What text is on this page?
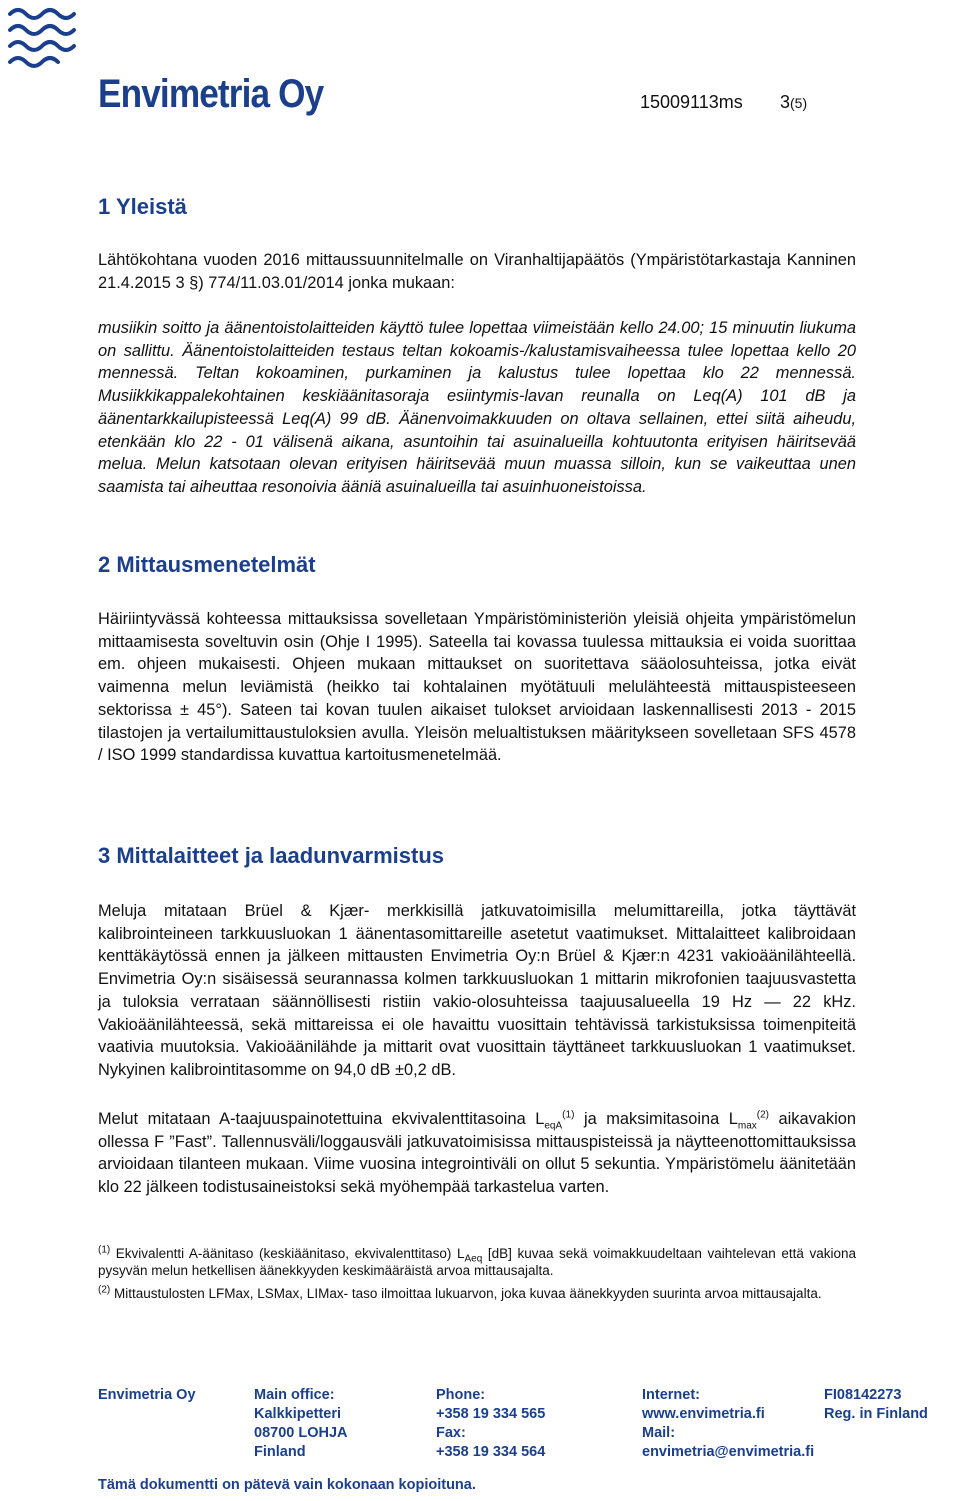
Envimetria Oy	15009113ms 3(5)
1 Yleistä

Lähtökohtana vuoden 2016 mittaussuunnitelmalle on Viranhaltijapäätös (Ympäristötarkastaja Kanninen 21.4.2015 3 §) 774/11.03.01/2014 jonka mukaan:

musiikin soitto ja äänentoistolaitteiden käyttö tulee lopettaa viimeistään kello 24.00; 15 minuutin liukuma on sallittu. Äänentoistolaitteiden testaus teltan kokoamis-/kalustamisvaiheessa tulee lopettaa kello 20 mennessä. Teltan kokoaminen, purkaminen ja kalustus tulee lopettaa klo 22 mennessä. Musiikkikappalekohtainen keskiäänitasoraja esiintymis-lavan reunalla on Leq(A) 101 dB ja äänentarkkailupisteessä Leq(A) 99 dB. Äänenvoimakkuuden on oltava sellainen, ettei siitä aiheudu, etenkään klo 22 - 01 välisenä aikana, asuntoihin tai asuinalueilla kohtuutonta erityisen häiritsevää melua. Melun katsotaan olevan erityisen häiritsevää muun muassa silloin, kun se vaikeuttaa unen saamista tai aiheuttaa resonoivia ääniä asuinalueilla tai asuinhuoneistoissa.

2 Mittausmenetelmät

Häiriintyvässä kohteessa mittauksissa sovelletaan Ympäristöministeriön yleisiä ohjeita ympäristömelun mittaamisesta soveltuvin osin (Ohje I 1995). Sateella tai kovassa tuulessa mittauksia ei voida suorittaa em. ohjeen mukaisesti. Ohjeen mukaan mittaukset on suoritettava sääolosuhteissa, jotka eivät vaimenna melun leviämistä (heikko tai kohtalainen myötätuuli melulähteestä mittauspisteeseen sektorissa ± 45°). Sateen tai kovan tuulen aikaiset tulokset arvioidaan laskennallisesti 2013 - 2015 tilastojen ja vertailumittaustuloksien avulla. Yleisön melualtistuksen määritykseen sovelletaan SFS 4578 / ISO 1999 standardissa kuvattua kartoitusmenetelmää.

3 Mittalaitteet ja laadunvarmistus

Meluja mitataan Brüel & Kjær- merkkisillä jatkuvatoimisilla melumittareilla, jotka täyttävät kalibrointeineen tarkkuusluokan 1 äänentasomittareille asetetut vaatimukset. Mittalaitteet kalibroidaan kenttäkäytössä ennen ja jälkeen mittausten Envimetria Oy:n Brüel & Kjær:n 4231 vakioäänilähteellä. Envimetria Oy:n sisäisessä seurannassa kolmen tarkkuusluokan 1 mittarin mikrofonien taajuusvastetta ja tuloksia verrataan säännöllisesti ristiin vakio-olosuhteissa taajuusalueella 19 Hz — 22 kHz. Vakioäänilähteessä, sekä mittareissa ei ole havaittu vuosittain tehtävissä tarkistuksissa toimenpiteitä vaativia muutoksia. Vakioäänilähde ja mittarit ovat vuosittain täyttäneet tarkkuusluokan 1 vaatimukset. Nykyinen kalibrointitasomme on 94,0 dB ±0,2 dB.

Melut mitataan A-taajuuspainotettuina ekvivalenttitasoina $L_{eqA}^{(1)}$ ja maksimitasoina $L_{max}^{(2)}$ aikavakion ollessa F ”Fast”. Tallennusväli/loggausväli jatkuvatoimisissa mittauspisteissä ja näytteenottomittauksissa arvioidaan tilanteen mukaan. Viime vuosina integrointiväli on ollut 5 sekuntia. Ympäristömelu äänitetään klo 22 jälkeen todistusaineistoksi sekä myöhempää tarkastelua varten.

$^{(1)}$ Ekvivalentti A-äänitaso (keskiäänitaso, ekvivalenttitaso) $L_{Aeq}$ [dB] kuvaa sekä voimakkuudeltaan vaihtelevan että vakiona pysyvän melun hetkellisen äänekkyyden keskimääräistä arvoa mittausajalta.

$^{(2)}$ Mittaustulosten LFMax, LSMax, LIMax- taso ilmoittaa lukuarvon, joka kuvaa äänekkyyden suurinta arvoa mittausajalta.

Envimetria Oy	Main office:
Kalkkipetteri
08700 LOHJA
Finland
Phone:
+358 19 334 565
Fax:
+358 19 334 564
Internet:
www.envimetria.fi
Mail:
envimetria@envimetria.fi
FI08142273
Reg. in Finland
Tämä dokumentti on pätevä vain kokonaan kopioituna.
